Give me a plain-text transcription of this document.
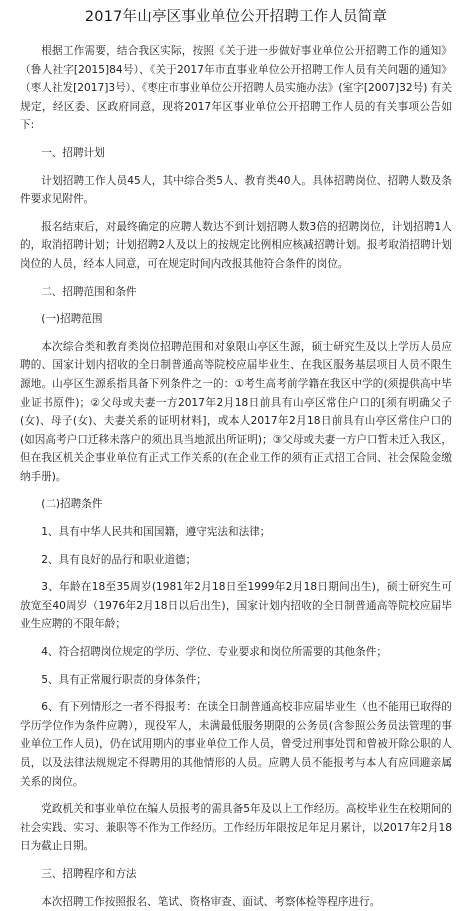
2017年山亭区事业单位公开招聘工作人员简章
根据工作需要，结合我区实际，按照《关于进一步做好事业单位公开招聘工作的通知》（鲁人社字[2015]84号）、《关于2017年市直事业单位公开招聘工作人员有关问题的通知》（枣人社发[2017]3号）、《枣庄市事业单位公开招聘人员实施办法》(室字[2007]32号) 有关规定，经区委、区政府同意，现将2017年区事业单位公开招聘工作人员的有关事项公告如下:
一、招聘计划
计划招聘工作人员45人，其中综合类5人、教育类40人。具体招聘岗位、招聘人数及条件要求见附件。
报名结束后，对最终确定的应聘人数达不到计划招聘人数3倍的招聘岗位，计划招聘1人的，取消招聘计划；计划招聘2人及以上的按规定比例相应核减招聘计划。报考取消招聘计划岗位的人员，经本人同意，可在规定时间内改报其他符合条件的岗位。
二、招聘范围和条件
(一)招聘范围
本次综合类和教育类岗位招聘范围和对象限山亭区生源，硕士研究生及以上学历人员应聘的、国家计划内招收的全日制普通高等院校应届毕业生、在我区服务基层项目人员不限生源地。山亭区生源系指具备下列条件之一的：①考生高考前学籍在我区中学的(须提供高中毕业证书原件)；②父母或夫妻一方2017年2月18日前具有山亭区常住户口的[须有明确父子(女)、母子(女)、夫妻关系的证明材料]，或本人2017年2月18日前具有山亭区常住户口的(如因高考户口迁移未落户的须出具当地派出所证明)；③父母或夫妻一方户口暂未迁入我区，但在我区机关企事业单位有正式工作关系的(在企业工作的须有正式招工合同、社会保险金缴纳手册)。
(二)招聘条件
1、具有中华人民共和国国籍，遵守宪法和法律；
2、具有良好的品行和职业道德；
3、年龄在18至35周岁(1981年2月18日至1999年2月18日期间出生)，硕士研究生可放宽至40周岁（1976年2月18日以后出生)，国家计划内招收的全日制普通高等院校应届毕业生应聘的不限年龄；
4、符合招聘岗位规定的学历、学位、专业要求和岗位所需要的其他条件；
5、具有正常履行职责的身体条件；
6、有下列情形之一者不得报考：在读全日制普通高校非应届毕业生（也不能用已取得的学历学位作为条件应聘），现役军人，未满最低服务期限的公务员(含参照公务员法管理的事业单位工作人员)，仍在试用期内的事业单位工作人员，曾受过刑事处罚和曾被开除公职的人员，以及法律法规规定不得聘用的其他情形的人员。应聘人员不能报考与本人有应回避亲属关系的岗位。
党政机关和事业单位在编人员报考的需具备5年及以上工作经历。高校毕业生在校期间的社会实践、实习、兼职等不作为工作经历。工作经历年限按足年足月累计，以2017年2月18日为截止日期。
三、招聘程序和方法
本次招聘工作按照报名、笔试、资格审查、面试、考察体检等程序进行。
